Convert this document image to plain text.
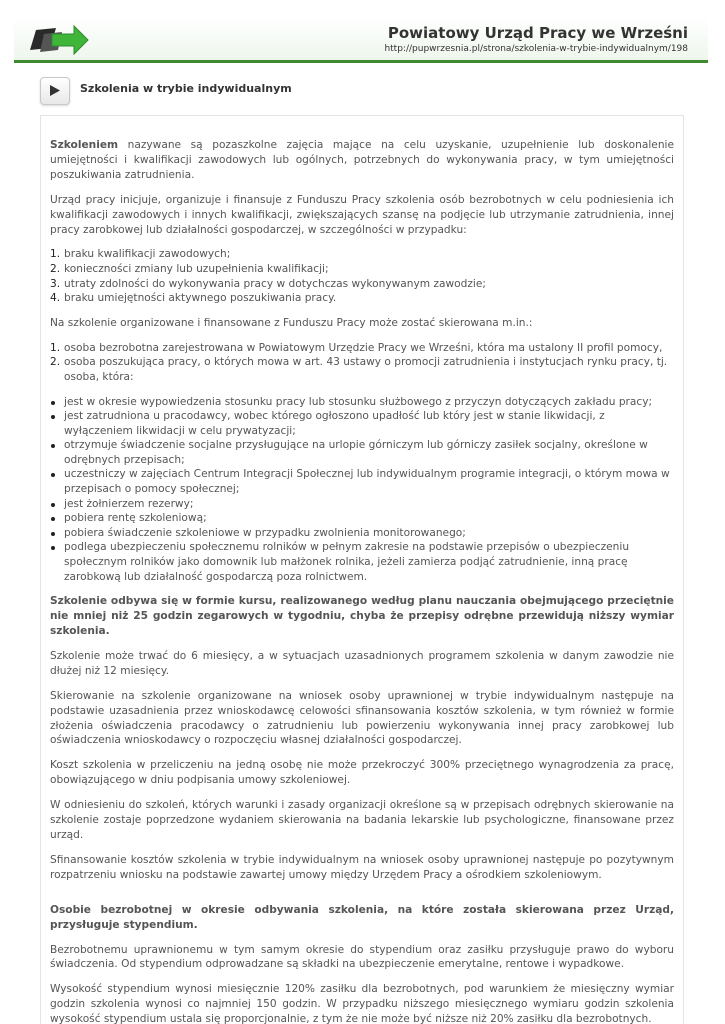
Powiatowy Urząd Pracy we Wrześni
http://pupwrzesnia.pl/strona/szkolenia-w-trybie-indywidualnym/198
Szkolenia w trybie indywidualnym

Szkoleniem nazywane są pozaszkolne zajęcia mające na celu uzyskanie, uzupełnienie lub doskonalenie umiejętności i kwalifikacji zawodowych lub ogólnych, potrzebnych do wykonywania pracy, w tym umiejętności poszukiwania zatrudnienia.

Urząd pracy inicjuje, organizuje i finansuje z Funduszu Pracy szkolenia osób bezrobotnych w celu podniesienia ich kwalifikacji zawodowych i innych kwalifikacji, zwiększających szansę na podjęcie lub utrzymanie zatrudnienia, innej pracy zarobkowej lub działalności gospodarczej, w szczególności w przypadku:

1. braku kwalifikacji zawodowych;
2. konieczności zmiany lub uzupełnienia kwalifikacji;
3. utraty zdolności do wykonywania pracy w dotychczas wykonywanym zawodzie;
4. braku umiejętności aktywnego poszukiwania pracy.

Na szkolenie organizowane i finansowane z Funduszu Pracy może zostać skierowana m.in.:

1. osoba bezrobotna zarejestrowana w Powiatowym Urzędzie Pracy we Wrześni, która ma ustalony II profil pomocy,
2. osoba poszukująca pracy, o których mowa w art. 43 ustawy o promocji zatrudnienia i instytucjach rynku pracy, tj. osoba, która:
jest w okresie wypowiedzenia stosunku pracy lub stosunku służbowego z przyczyn dotyczących zakładu pracy;
jest zatrudniona u pracodawcy, wobec którego ogłoszono upadłość lub który jest w stanie likwidacji, z wyłączeniem likwidacji w celu prywatyzacji;
otrzymuje świadczenie socjalne przysługujące na urlopie górniczym lub górniczy zasiłek socjalny, określone w odrębnych przepisach;
uczestniczy w zajęciach Centrum Integracji Społecznej lub indywidualnym programie integracji, o którym mowa w przepisach o pomocy społecznej;
jest żołnierzem rezerwy;
pobiera rentę szkoleniową;
pobiera świadczenie szkoleniowe w przypadku zwolnienia monitorowanego;
podlega ubezpieczeniu społecznemu rolników w pełnym zakresie na podstawie przepisów o ubezpieczeniu społecznym rolników jako domownik lub małżonek rolnika, jeżeli zamierza podjąć zatrudnienie, inną pracę zarobkową lub działalność gospodarczą poza rolnictwem.

Szkolenie odbywa się w formie kursu, realizowanego według planu nauczania obejmującego przeciętnie nie mniej niż 25 godzin zegarowych w tygodniu, chyba że przepisy odrębne przewidują niższy wymiar szkolenia.

Szkolenie może trwać do 6 miesięcy, a w sytuacjach uzasadnionych programem szkolenia w danym zawodzie nie dłużej niż 12 miesięcy.

Skierowanie na szkolenie organizowane na wniosek osoby uprawnionej w trybie indywidualnym następuje na podstawie uzasadnienia przez wnioskodawcę celowości sfinansowania kosztów szkolenia, w tym również w formie złożenia oświadczenia pracodawcy o zatrudnieniu lub powierzeniu wykonywania innej pracy zarobkowej lub oświadczenia wnioskodawcy o rozpoczęciu własnej działalności gospodarczej.

Koszt szkolenia w przeliczeniu na jedną osobę nie może przekroczyć 300% przeciętnego wynagrodzenia za pracę, obowiązującego w dniu podpisania umowy szkoleniowej.

W odniesieniu do szkoleń, których warunki i zasady organizacji określone są w przepisach odrębnych skierowanie na szkolenie zostaje poprzedzone wydaniem skierowania na badania lekarskie lub psychologiczne, finansowane przez urząd.

Sfinansowanie kosztów szkolenia w trybie indywidualnym na wniosek osoby uprawnionej następuje po pozytywnym rozpatrzeniu wniosku na podstawie zawartej umowy między Urzędem Pracy a ośrodkiem szkoleniowym.

Osobie bezrobotnej w okresie odbywania szkolenia, na które została skierowana przez Urząd, przysługuje stypendium.

Bezrobotnemu uprawnionemu w tym samym okresie do stypendium oraz zasiłku przysługuje prawo do wyboru świadczenia. Od stypendium odprowadzane są składki na ubezpieczenie emerytalne, rentowe i wypadkowe.

Wysokość stypendium wynosi miesięcznie 120% zasiłku dla bezrobotnych, pod warunkiem że miesięczny wymiar godzin szkolenia wynosi co najmniej 150 godzin. W przypadku niższego miesięcznego wymiaru godzin szkolenia wysokość stypendium ustala się proporcjonalnie, z tym że nie może być niższe niż 20% zasiłku dla bezrobotnych.
